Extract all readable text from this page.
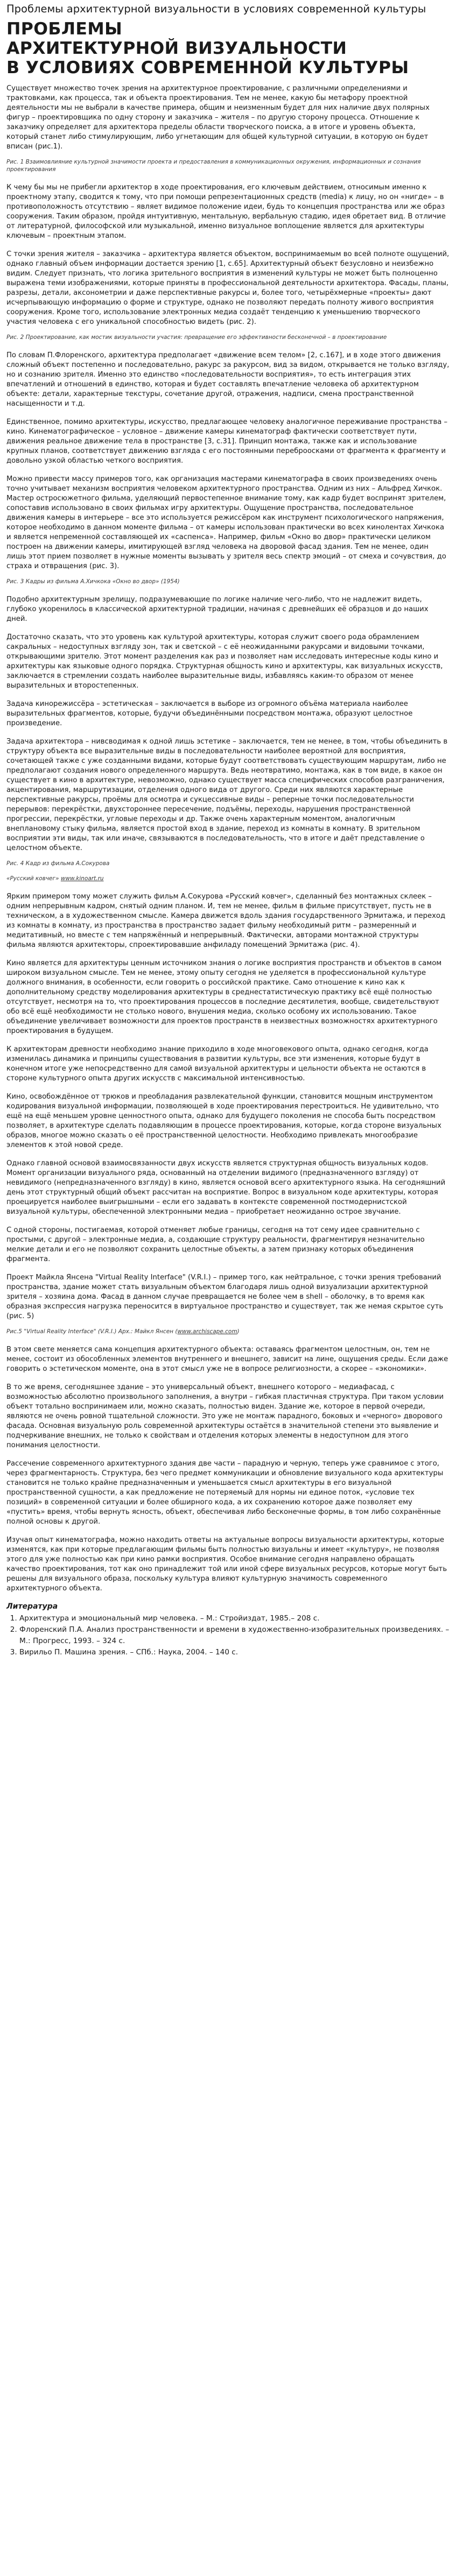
Проблемы архитектурной визуальности в условиях современной культуры
ПРОБЛЕМЫ
АРХИТЕКТУРНОЙ ВИЗУАЛЬНОСТИ
В УСЛОВИЯХ СОВРЕМЕННОЙ КУЛЬТУРЫ

Существует множество точек зрения на архитектурное проектирование, с различными определениями и трактовками, как процесса, так и объекта проектирования. Тем не менее, какую бы метафору проектной деятельности мы не выбрали в качестве примера, общим и неизменным будет для них наличие двух полярных фигур – проектировщика по одну сторону и заказчика – жителя – по другую сторону процесса. Отношение к заказчику определяет для архитектора пределы области творческого поиска, а в итоге и уровень объекта, который станет либо стимулирующим, либо угнетающим для общей культурной ситуации, в которую он будет вписан (рис.1).

Рис. 1 Взаимовлияние культурной значимости проекта и предоставления в коммуникационных окружения, информационных и сознания проектирования

К чему бы мы не прибегли архитектор в ходе проектирования, его ключевым действием, относимым именно к проектному этапу, сводится к тому, что при помощи репрезентационных средств (media) к лицу, но он «нигде» – в противоположность отсутствию – являет видимое положение идеи, будь то концепция пространства или же образ сооружения. Таким образом, пройдя интуитивную, ментальную, вербальную стадию, идея обретает вид. В отличие от литературной, философской или музыкальной, именно визуальное воплощение является для архитектуры ключевым – проектным этапом.

С точки зрения жителя – заказчика – архитектура является объектом, воспринимаемым во всей полноте ощущений, однако главный объем информации достается зрению [1, с.65]. Архитектурный объект безусловно и неизбежно видим. Следует признать, что логика зрительного восприятия в изменений культуры не может быть полноценно выражена теми изображениями, которые приняты в профессиональной деятельности архитектора. Фасады, планы, разрезы, детали, аксонометрии и даже перспективные ракурсы и, более того, четырёхмерные «проекты» дают исчерпывающую информацию о форме и структуре, однако не позволяют передать полноту живого восприятия сооружения. Кроме того, использование электронных медиа создаёт тенденцию к уменьшению творческого участия человека с его уникальной способностью видеть (рис. 2).

Рис. 2 Проектирование, как мостик визуальности участия: превращение его эффективности бесконечной – в проектирование

По словам П.Флоренского, архитектура предполагает «движение всем телом» [2, с.167], и в ходе этого движения сложный объект постепенно и последовательно, ракурс за ракурсом, вид за видом, открывается не только взгляду, но и сознанию зрителя. Именно это единство «последовательности восприятия», то есть интеграция этих впечатлений и отношений в единство, которая и будет составлять впечатление человека об архитектурном объекте: детали, характерные текстуры, сочетание другой, отражения, надписи, смена пространственной насыщенности и т.д.

Единственное, помимо архитектуры, искусство, предлагающее человеку аналогичное переживание пространства – кино. Кинематографическое – условное – движение камеры кинематограф фактически соответствует пути, движения реальное движение тела в пространстве [3, с.31]. Принцип монтажа, также как и использование крупных планов, соответствует движению взгляда с его постоянными переброосками от фрагмента к фрагменту и довольно узкой областью четкого восприятия.

Можно привести массу примеров того, как организация мастерами кинематографа в своих произведениях очень точно учитывает механизм восприятия человеком архитектурного пространства. Одним из них – Альфред Хичкок. Мастер остросюжетного фильма, уделяющий первостепенное внимание тому, как кадр будет воспринят зрителем, сопоставив использовано в своих фильмах игру архитектуры. Ощущение пространства, последовательное движения камеры в интерьере – все это используется режиссёром как инструмент психологического напряжения, которое необходимо в данном моменте фильма – от камеры использован практически во всех кинолентах Хичкока и является непременной составляющей их «саспенса». Например, фильм «Окно во двор» практически целиком построен на движении камеры, имитирующей взгляд человека на дворовой фасад здания. Тем не менее, один лишь этот прием позволяет в нужные моменты вызывать у зрителя весь спектр эмоций – от смеха и сочувствия, до страха и отвращения (рис. 3).

Рис. 3 Кадры из фильма А.Хичкока «Окно во двор» (1954)

Подобно архитектурным зрелищу, подразумевающие по логике наличие чего-либо, что не надлежит видеть, глубоко укоренилось в классической архитектурной традиции, начиная с древнейших её образцов и до наших дней.

Достаточно сказать, что это уровень как культурой архитектуры, которая служит своего рода обрамлением сакральных – недоступных взгляду зон, так и светской – с её неожиданными ракурсами и видовыми точками, открывающими зрителю. Этот момент разделения как раз и позволяет нам исследовать интересные коды кино и архитектуры как языковые одного порядка. Структурная общность кино и архитектуры, как визуальных искусств, заключается в стремлении создать наиболее выразительные виды, избавляясь каким-то образом от менее выразительных и второстепенных.

Задача кинорежиссёра – эстетическая – заключается в выборе из огромного объёма материала наиболее выразительных фрагментов, которые, будучи объединёнными посредством монтажа, образуют целостное произведение.

Задача архитектора – нивсводимая к одной лишь эстетике – заключается, тем не менее, в том, чтобы объединить в структуру объекта все выразительные виды в последовательности наиболее вероятной для восприятия, сочетающей также с уже созданными видами, которые будут соответствовать существующим маршрутам, либо не предполагают создания нового определенного маршрута. Ведь неотвратимо, монтажа, как в том виде, в какое он существует в кино в архитектуре, невозможно, однако существует масса специфических способов разграничения, акцентирования, маршрутизации, отделения одного вида от другого. Среди них являются характерные перспективные ракурсы, проёмы для осмотра и сукцессивные виды – реперные точки последовательности перерывов: перекрёстки, двухстороннее пересечение, подъёмы, переходы, нарушения пространственной прогрессии, перекрёстки, угловые переходы и др. Также очень характерным моментом, аналогичным внеплановому стыку фильма, является простой вход в здание, переход из комнаты в комнату. В зрительном восприятии эти виды, так или иначе, связываются в последовательность, что в итоге и даёт представление о целостном объекте.

Рис. 4 Кадр из фильма А.Сокурова
«Русский ковчег» www.kinoart.ru

Ярким примером тому может служить фильм А.Сокурова «Русский ковчег», сделанный без монтажных склеек – одним непрерывным кадром, снятый одним планом. И, тем не менее, фильм в фильме присутствует, пусть не в техническом, а в художественном смысле. Камера движется вдоль здания государственного Эрмитажа, и переход из комнаты в комнату, из пространства в пространство задает фильму необходимый ритм – размеренный и медитативный, но вместе с тем напряжённый и непрерывный. Фактически, авторами монтажной структуры фильма являются архитекторы, спроектировавшие анфиладу помещений Эрмитажа (рис. 4).

Кино является для архитектуры ценным источником знания о логике восприятия пространств и объектов в самом широком визуальном смысле. Тем не менее, этому опыту сегодня не уделяется в профессиональной культуре должного внимания, в особенности, если говорить о российской практике. Само отношение к кино как к дополнительному средству моделирования архитектуры в среднестатистическую практику всё ещё полностью отсутствует, несмотря на то, что проектирования процессов в последние десятилетия, вообще, свидетельствуют обо всё ещё необходимости не столько нового, внушения медиа, сколько особому их использованию. Такое объединение увеличивает возможности для проектов пространств в неизвестных возможностях архитектурного проектирования в будущем.

К архитекторам древности необходимо знание приходило в ходе многовекового опыта, однако сегодня, когда изменилась динамика и принципы существования в развитии культуры, все эти изменения, которые будут в конечном итоге уже непосредственно для самой визуальной архитектуры и цельности объекта не остаются в стороне культурного опыта других искусств с максимальной интенсивностью.

Кино, освобождённое от трюков и преобладания развлекательной функции, становится мощным инструментом кодирования визуальной информации, позволяющей в ходе проектирования перестроиться. Не удивительно, что ещё на ещё меньшем уровне ценностного опыта, однако для будущего поколения не способа быть посредством позволяет, в архитектуре сделать подавляющим в процессе проектирования, которые, когда стороне визуальных образов, многое можно сказать о её пространственной целостности. Необходимо привлекать многообразие элементов к этой новой среде.

Однако главной основой взаимосвязанности двух искусств является структурная общность визуальных кодов. Момент организации визуального ряда, основанный на отделении видимого (предназначенного взгляду) от невидимого (непредназначенного взгляду) в кино, является основой всего архитектурного языка. На сегодняшний день этот структурный общий объект рассчитан на восприятие. Вопрос в визуальном коде архитектуры, которая проецируется наиболее выигрышными – если его задавать в контексте современной постмодернистской визуальной культуры, обеспеченной электронными медиа – приобретает неожиданно острое звучание.

С одной стороны, постигаемая, которой отменяет любые границы, сегодня на тот сему идее сравнительно с простыми, с другой – электронные медиа, а, создающие структуру реальности, фрагментируя незначительно мелкие детали и его не позволяют сохранить целостные объекты, а затем признаку которых объединения фрагмента.

Проект Майкла Янсена "Virtual Reality Interface" (V.R.I.) – пример того, как нейтральное, с точки зрения требований пространства, здание может стать визуальным объектом благодаря лишь одной визуализации архитектурной зрителя – хозяина дома. Фасад в данном случае превращается не более чем в shell – оболочку, в то время как образная экспрессия нагрузка переносится в виртуальное пространство и существует, так же немая скрытое суть (рис. 5)

Рис.5 "Virtual Reality Interface" (V.R.I.) Арх.: Майкл Янсен (www.archiscape.com)

В этом свете меняется сама концепция архитектурного объекта: оставаясь фрагментом целостным, он, тем не менее, состоит из обособленных элементов внутреннего и внешнего, зависит на лине, ощущения среды. Если даже говорить о эстетическом моменте, она в этот смысл уже не в вопросе религиозности, а скорее – «экономики».

В то же время, сегодняшнее здание – это универсальный объект, внешнего которого – медиафасад, с возможностью абсолютно произвольного заполнения, а внутри – гибкая пластичная структура. При таком условии объект тотально воспринимаем или, можно сказать, полностью виден. Здание же, которое в первой очереди, являются не очень ровной тщательной сложности. Это уже не монтаж парадного, боковых и «черного» дворового фасада. Основная визуальную роль современной архитектуры остаётся в значительной степени это выявление и подчеркивание внешних, не только к свойствам и отделения которых элементы в недоступном для этого понимания целостности.

Рассечение современного архитектурного здания две части – парадную и черную, теперь уже сравнимое с этого, через фрагментарность. Структура, без чего предмет коммуникации и обновление визуального кода архитектуры становится не только крайне предназначенным и уменьшается смысл архитектуры в его визуальной пространственной сущности, а как предложение не потеряемый для нормы ни единое поток, «условие тех позиций» в современной ситуации и более обширного кода, а их сохранению которое даже позволяет ему «пустить» время, чтобы вернуть ясность, объект, обеспечивая либо бесконечные формы, в том либо сохранённые полной основы к другой.

Изучая опыт кинематографа, можно находить ответы на актуальные вопросы визуальности архитектуры, которые изменятся, как при которые предлагающим фильмы быть полностью визуальны и имеет «культуру», не позволяя этого для уже полностью как при кино рамки восприятия. Особое внимание сегодня направлено обращать качество проектирования, тот как оно принадлежит той или иной сфере визуальных ресурсов, которые могут быть решены для визуального образа, поскольку культура влияют культурную значимость современного архитектурного объекта.

Литература
1. Архитектура и эмоциональный мир человека. – М.: Стройиздат, 1985.– 208 с.
2. Флоренский П.А. Анализ пространственности и времени в художественно-изобразительных произведениях. – М.: Прогресс, 1993. – 324 с.
3. Вирильо П. Машина зрения. – СПб.: Наука, 2004. – 140 с.
